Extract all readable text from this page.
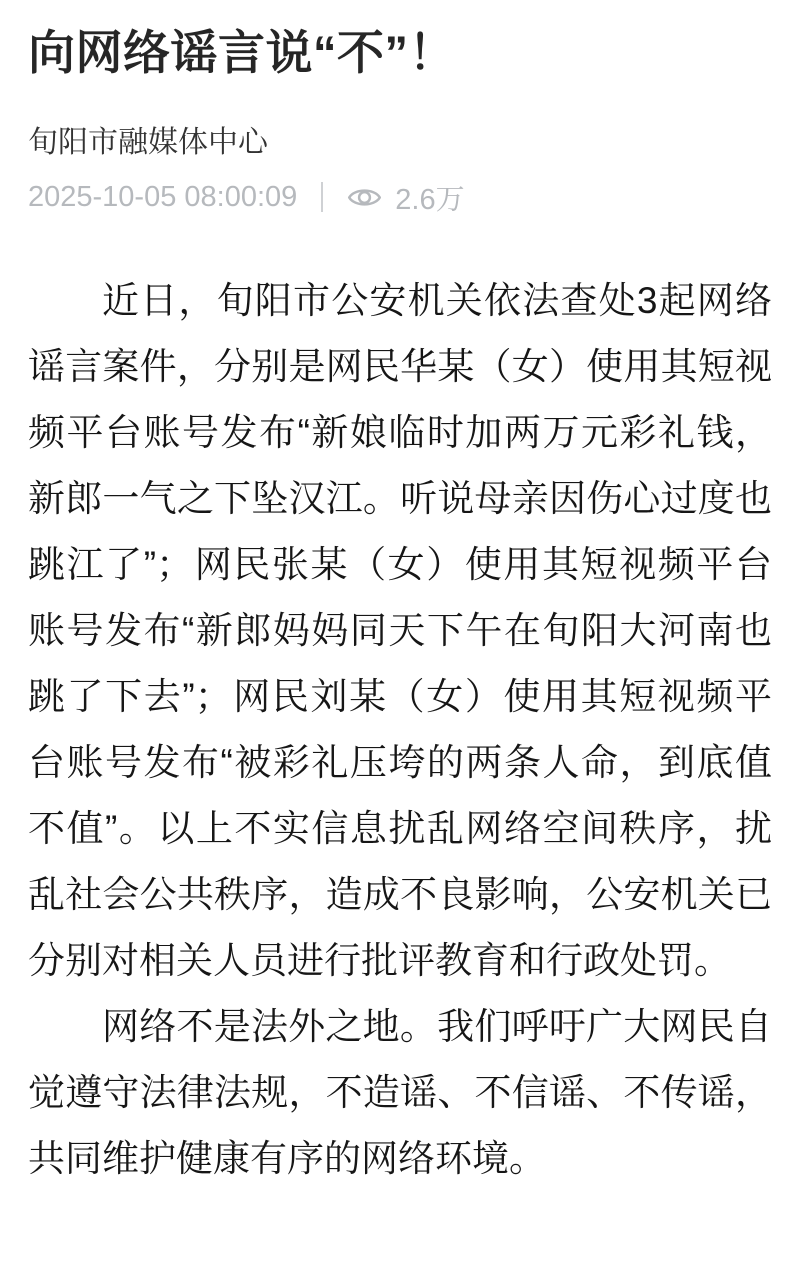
向网络谣言说“不”！
旬阳市融媒体中心
2025-10-05 08:00:09	2.6万

近日，旬阳市公安机关依法查处3起网络谣言案件，分别是网民华某（女）使用其短视频平台账号发布“新娘临时加两万元彩礼钱，新郎一气之下坠汉江。听说母亲因伤心过度也跳江了”；网民张某（女）使用其短视频平台账号发布“新郎妈妈同天下午在旬阳大河南也跳了下去”；网民刘某（女）使用其短视频平台账号发布“被彩礼压垮的两条人命，到底值不值”。以上不实信息扰乱网络空间秩序，扰乱社会公共秩序，造成不良影响，公安机关已分别对相关人员进行批评教育和行政处罚。

网络不是法外之地。我们呼吁广大网民自觉遵守法律法规，不造谣、不信谣、不传谣，共同维护健康有序的网络环境。
